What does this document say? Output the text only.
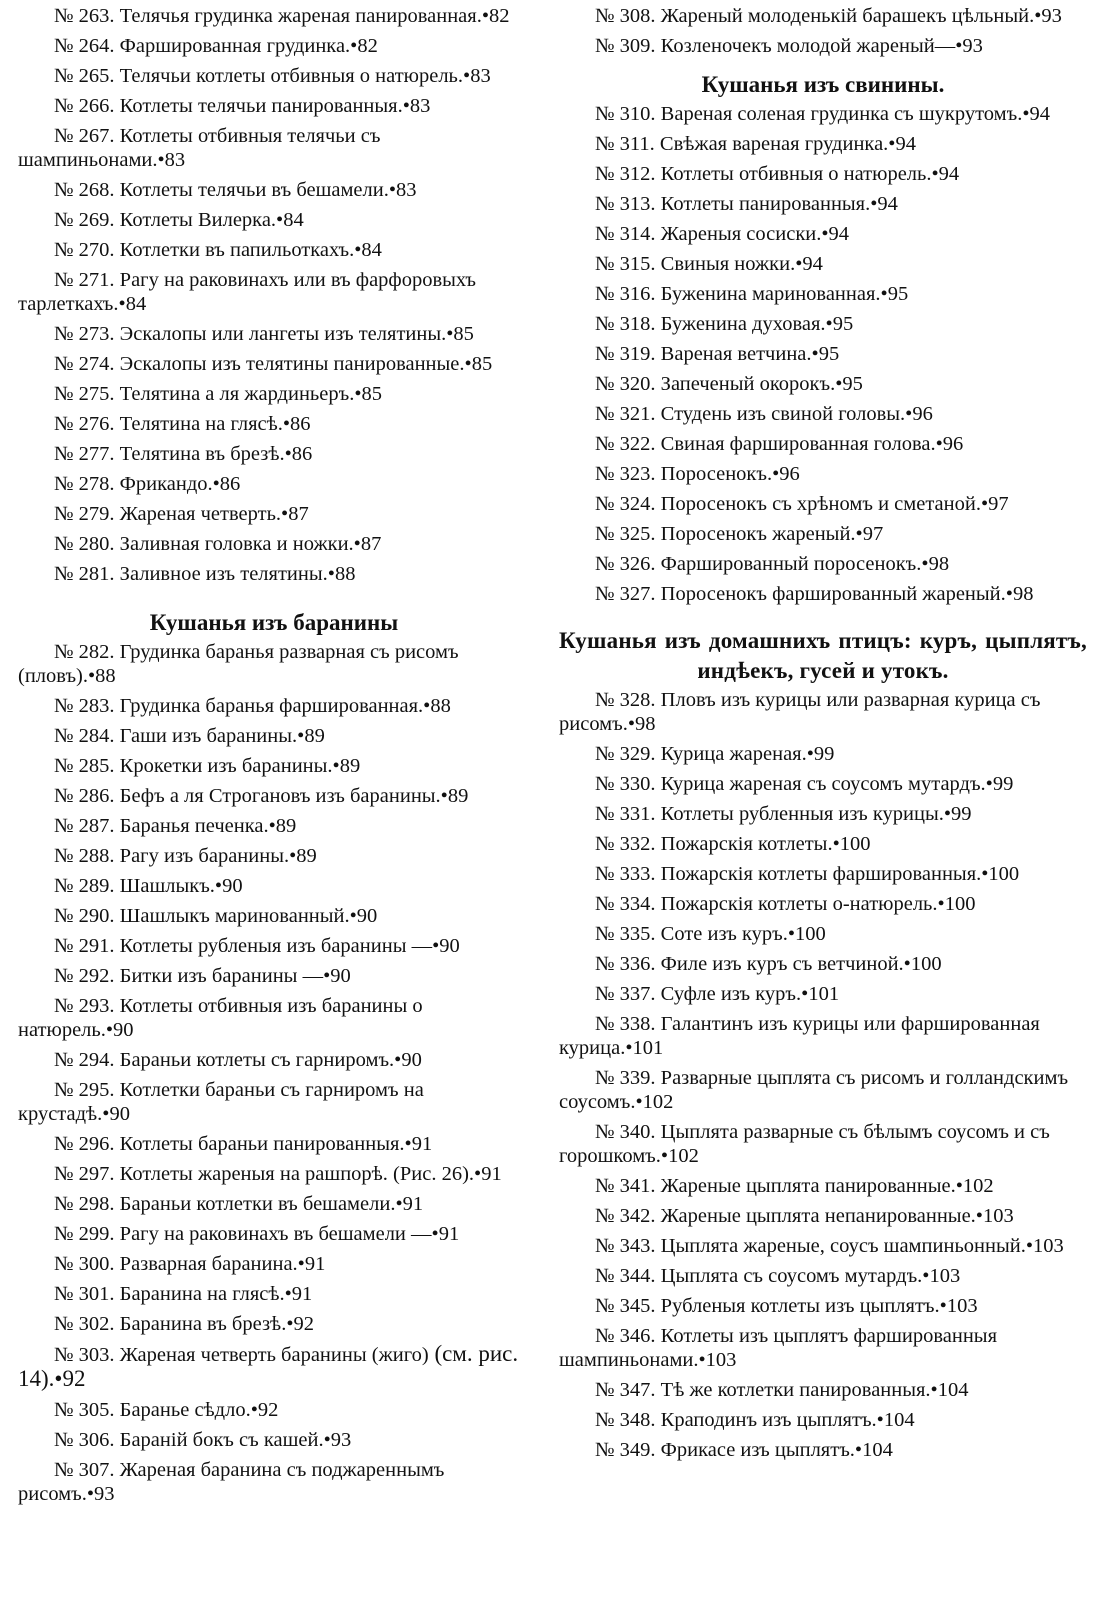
№ 263. Телячья грудинка жареная панированная.•82
№ 264. Фаршированная грудинка.•82
№ 265. Телячьи котлеты отбивныя о натюрель.•83
№ 266. Котлеты телячьи панированныя.•83
№ 267. Котлеты отбивныя телячьи съ шампиньонами.•83
№ 268. Котлеты телячьи въ бешамели.•83
№ 269. Котлеты Вилерка.•84
№ 270. Котлетки въ папильоткахъ.•84
№ 271. Рагу на раковинахъ или въ фарфоровыхъ тарлеткахъ.•84
№ 273. Эскалопы или лангеты изъ телятины.•85
№ 274. Эскалопы изъ телятины панированные.•85
№ 275. Телятина а ля жардиньеръ.•85
№ 276. Телятина на глясѣ.•86
№ 277. Телятина въ брезѣ.•86
№ 278. Фрикандо.•86
№ 279. Жареная четверть.•87
№ 280. Заливная головка и ножки.•87
№ 281. Заливное изъ телятины.•88
Кушанья изъ баранины
№ 282. Грудинка баранья разварная съ рисомъ (пловъ).•88
№ 283. Грудинка баранья фаршированная.•88
№ 284. Гаши изъ баранины.•89
№ 285. Крокетки изъ баранины.•89
№ 286. Бефъ а ля Строгановъ изъ баранины.•89
№ 287. Баранья печенка.•89
№ 288. Рагу изъ баранины.•89
№ 289. Шашлыкъ.•90
№ 290. Шашлыкъ маринованный.•90
№ 291. Котлеты рубленыя изъ баранины —•90
№ 292. Битки изъ баранины —•90
№ 293. Котлеты отбивныя изъ баранины о натюрель.•90
№ 294. Бараньи котлеты съ гарниромъ.•90
№ 295. Котлетки бараньи съ гарниромъ на крустадѣ.•90
№ 296. Котлеты бараньи панированныя.•91
№ 297. Котлеты жареныя на рашпорѣ. (Рис. 26).•91
№ 298. Бараньи котлетки въ бешамели.•91
№ 299. Рагу на раковинахъ въ бешамели —•91
№ 300. Разварная баранина.•91
№ 301. Баранина на глясѣ.•91
№ 302. Баранина въ брезѣ.•92
№ 303. Жареная четверть баранины (жиго) (см. рис. 14).•92
№ 305. Баранье сѣдло.•92
№ 306. Бараній бокъ съ кашей.•93
№ 307. Жареная баранина съ поджареннымъ рисомъ.•93
№ 308. Жареный молоденькій барашекъ цѣльный.•93
№ 309. Козленочекъ молодой жареный—•93
Кушанья изъ свинины.
№ 310. Вареная соленая грудинка съ шукрутомъ.•94
№ 311. Свѣжая вареная грудинка.•94
№ 312. Котлеты отбивныя о натюрель.•94
№ 313. Котлеты панированныя.•94
№ 314. Жареныя сосиски.•94
№ 315. Свиныя ножки.•94
№ 316. Буженина маринованная.•95
№ 318. Буженина духовая.•95
№ 319. Вареная ветчина.•95
№ 320. Запеченый окорокъ.•95
№ 321. Студень изъ свиной головы.•96
№ 322. Свиная фаршированная голова.•96
№ 323. Поросенокъ.•96
№ 324. Поросенокъ съ хрѣномъ и сметаной.•97
№ 325. Поросенокъ жареный.•97
№ 326. Фаршированный поросенокъ.•98
№ 327. Поросенокъ фаршированный жареный.•98
Кушанья изъ домашнихъ птицъ: куръ, цыплятъ, индѣекъ, гусей и утокъ.
№ 328. Пловъ изъ курицы или разварная курица съ рисомъ.•98
№ 329. Курица жареная.•99
№ 330. Курица жареная съ соусомъ мутардъ.•99
№ 331. Котлеты рубленныя изъ курицы.•99
№ 332. Пожарскія котлеты.•100
№ 333. Пожарскія котлеты фаршированныя.•100
№ 334. Пожарскія котлеты о-натюрель.•100
№ 335. Соте изъ куръ.•100
№ 336. Филе изъ куръ съ ветчиной.•100
№ 337. Суфле изъ куръ.•101
№ 338. Галантинъ изъ курицы или фаршированная курица.•101
№ 339. Разварные цыплята съ рисомъ и голландскимъ соусомъ.•102
№ 340. Цыплята разварные съ бѣлымъ соусомъ и съ горошкомъ.•102
№ 341. Жареные цыплята панированные.•102
№ 342. Жареные цыплята непанированные.•103
№ 343. Цыплята жареные, соусъ шампиньонный.•103
№ 344. Цыплята съ соусомъ мутардъ.•103
№ 345. Рубленыя котлеты изъ цыплятъ.•103
№ 346. Котлеты изъ цыплятъ фаршированныя шампиньонами.•103
№ 347. Тѣ же котлетки панированныя.•104
№ 348. Краподинъ изъ цыплятъ.•104
№ 349. Фрикасе изъ цыплятъ.•104
